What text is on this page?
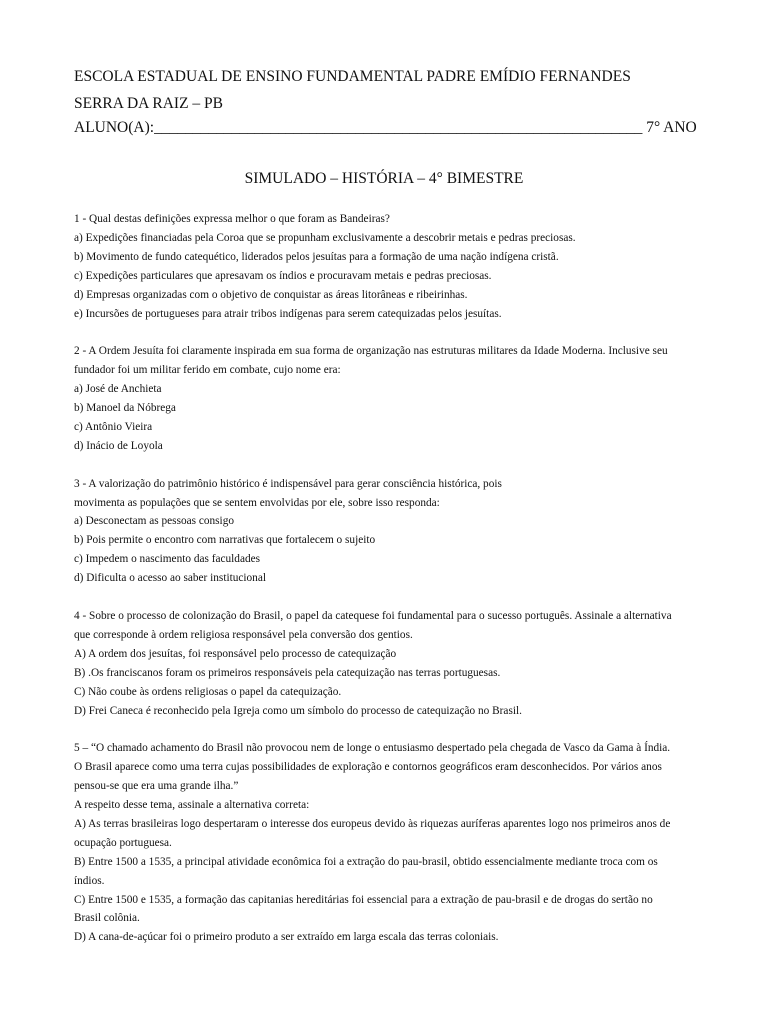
ESCOLA ESTADUAL DE ENSINO FUNDAMENTAL PADRE EMÍDIO FERNANDES
SERRA DA RAIZ – PB
ALUNO(A):_______________________________________________________________ 7° ANO
SIMULADO – HISTÓRIA – 4° BIMESTRE
1 - Qual destas definições expressa melhor o que foram as Bandeiras?
a) Expedições financiadas pela Coroa que se propunham exclusivamente a descobrir metais e pedras preciosas.
b) Movimento de fundo catequético, liderados pelos jesuítas para a formação de uma nação indígena cristã.
c) Expedições particulares que apresavam os índios e procuravam metais e pedras preciosas.
d) Empresas organizadas com o objetivo de conquistar as áreas litorâneas e ribeirinhas.
e) Incursões de portugueses para atrair tribos indígenas para serem catequizadas pelos jesuítas.
2 - A Ordem Jesuíta foi claramente inspirada em sua forma de organização nas estruturas militares da Idade Moderna. Inclusive seu
fundador foi um militar ferido em combate, cujo nome era:
a) José de Anchieta
b) Manoel da Nóbrega
c) Antônio Vieira
d) Inácio de Loyola
3 - A valorização do patrimônio histórico é indispensável para gerar consciência histórica, pois
movimenta as populações que se sentem envolvidas por ele, sobre isso responda:
a) Desconectam as pessoas consigo
b) Pois permite o encontro com narrativas que fortalecem o sujeito
c) Impedem o nascimento das faculdades
d) Dificulta o acesso ao saber institucional
4 - Sobre o processo de colonização do Brasil, o papel da catequese foi fundamental para o sucesso português. Assinale a alternativa
que corresponde à ordem religiosa responsável pela conversão dos gentios.
A) A ordem dos jesuítas, foi responsável pelo processo de catequização
B) .Os franciscanos foram os primeiros responsáveis pela catequização nas terras portuguesas.
C) Não coube às ordens religiosas o papel da catequização.
D) Frei Caneca é reconhecido pela Igreja como um símbolo do processo de catequização no Brasil.
5 – “O chamado achamento do Brasil não provocou nem de longe o entusiasmo despertado pela chegada de Vasco da Gama à Índia.
O Brasil aparece como uma terra cujas possibilidades de exploração e contornos geográficos eram desconhecidos. Por vários anos
pensou-se que era uma grande ilha.”
A respeito desse tema, assinale a alternativa correta:
A) As terras brasileiras logo despertaram o interesse dos europeus devido às riquezas auríferas aparentes logo nos primeiros anos de
ocupação portuguesa.
B) Entre 1500 a 1535, a principal atividade econômica foi a extração do pau-brasil, obtido essencialmente mediante troca com os
índios.
C) Entre 1500 e 1535, a formação das capitanias hereditárias foi essencial para a extração de pau-brasil e de drogas do sertão no
Brasil colônia.
D) A cana-de-açúcar foi o primeiro produto a ser extraído em larga escala das terras coloniais.
